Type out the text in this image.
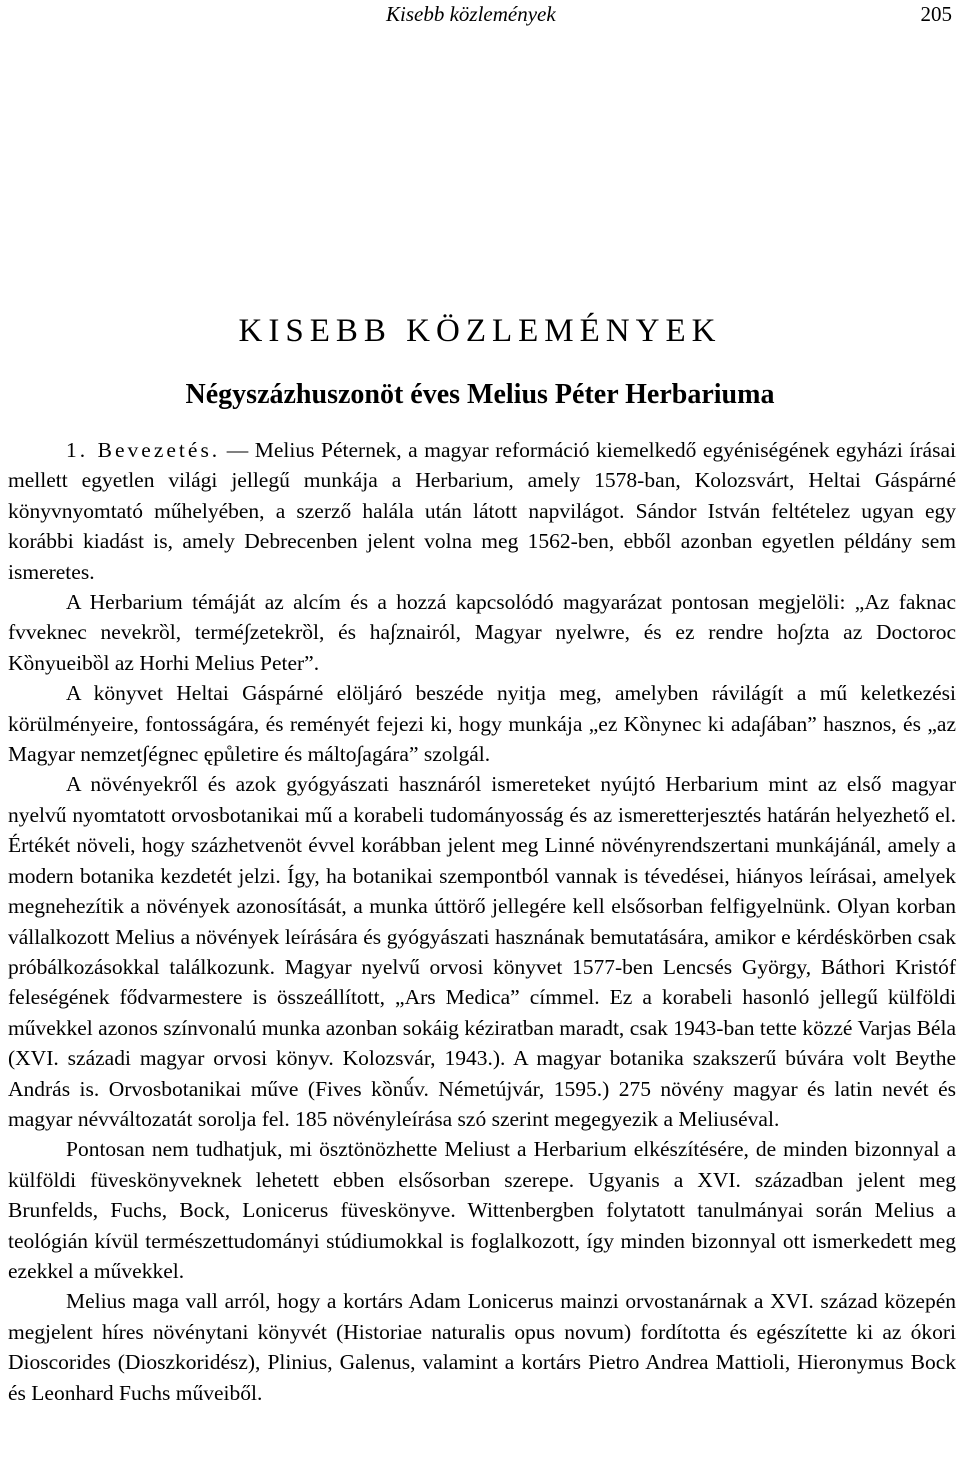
Kisebb közlemények	205
KISEBB KÖZLEMÉNYEK
Négyszázhuszonöt éves Melius Péter Herbariuma

1. Bevezetés. — Melius Péternek, a magyar reformáció kiemelkedő egyéniségének egyházi írásai mellett egyetlen világi jellegű munkája a Herbarium, amely 1578-ban, Kolozsvárt, Heltai Gáspárné könyvnyomtató műhelyében, a szerző halála után látott napvilágot. Sándor István feltételez ugyan egy korábbi kiadást is, amely Debrecenben jelent volna meg 1562-ben, ebből azonban egyetlen példány sem ismeretes.

A Herbarium témáját az alcím és a hozzá kapcsolódó magyarázat pontosan megjelöli: „Az faknac fvveknec nevekrȍl, termé∫zetekrȍl, és ha∫znairól, Magyar nyelwre, és ez rendre ho∫zta az Doctoroc Kȍnyueibȍl az Horhi Melius Peter”.

A könyvet Heltai Gáspárné elöljáró beszéde nyitja meg, amelyben rávilágít a mű keletkezési körülményeire, fontosságára, és reményét fejezi ki, hogy munkája „ez Kȍnynec ki ada∫ában” hasznos, és „az Magyar nemzet∫égnec ępůletire és málto∫agára” szolgál.

A növényekről és azok gyógyászati hasznáról ismereteket nyújtó Herbarium mint az első magyar nyelvű nyomtatott orvosbotanikai mű a korabeli tudományosság és az ismeretterjesztés határán helyezhető el. Értékét növeli, hogy százhetvenöt évvel korábban jelent meg Linné növényrendszertani munkájánál, amely a modern botanika kezdetét jelzi. Így, ha botanikai szempontból vannak is tévedései, hiányos leírásai, amelyek megnehezítik a növények azonosítását, a munka úttörő jellegére kell elsősorban felfigyelnünk. Olyan korban vállalkozott Melius a növények leírására és gyógyászati hasznának bemutatására, amikor e kérdéskörben csak próbálkozásokkal találkozunk. Magyar nyelvű orvosi könyvet 1577-ben Lencsés György, Báthori Kristóf feleségének fődvarmestere is összeállított, „Ars Medica” címmel. Ez a korabeli hasonló jellegű külföldi művekkel azonos színvonalú munka azonban sokáig kéziratban maradt, csak 1943-ban tette közzé Varjas Béla (XVI. századi magyar orvosi könyv. Kolozsvár, 1943.). A magyar botanika szakszerű búvára volt Beythe András is. Orvosbotanikai műve (Fives kȍnů́v. Németújvár, 1595.) 275 növény magyar és latin nevét és magyar névváltozatát sorolja fel. 185 növényleírása szó szerint megegyezik a Meliuséval.

Pontosan nem tudhatjuk, mi ösztönözhette Meliust a Herbarium elkészítésére, de minden bizonnyal a külföldi füveskönyveknek lehetett ebben elsősorban szerepe. Ugyanis a XVI. században jelent meg Brunfelds, Fuchs, Bock, Lonicerus füveskönyve. Wittenbergben folytatott tanulmányai során Melius a teológián kívül természettudományi stúdiumokkal is foglalkozott, így minden bizonnyal ott ismerkedett meg ezekkel a művekkel.

Melius maga vall arról, hogy a kortárs Adam Lonicerus mainzi orvostanárnak a XVI. század közepén megjelent híres növénytani könyvét (Historiae naturalis opus novum) fordította és egészítette ki az ókori Dioscorides (Dioszkoridész), Plinius, Galenus, valamint a kortárs Pietro Andrea Mattioli, Hieronymus Bock és Leonhard Fuchs műveiből.
